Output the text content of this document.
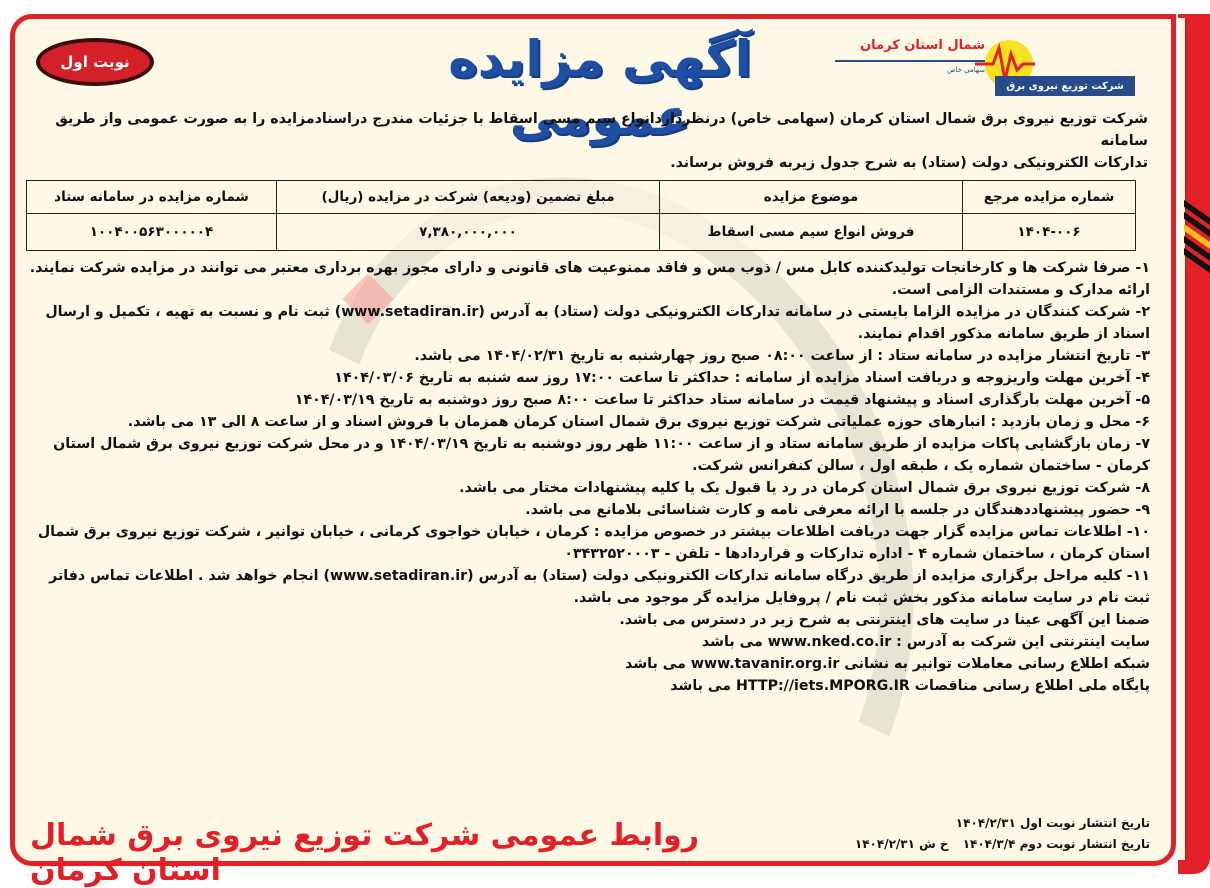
نوبت اول	آگهی مزایده عمومی
شمال استان کرمان
سهامی خاص
شرکت توزیع نیروی برق
شرکت توزیع نیروی برق شمال استان کرمان (سهامی خاص) درنظرداردانواع سیم مسی اسقاط با جزئیات مندرج دراسنادمزایده را به صورت عمومی واز طریق سامانه
تدارکات الکترونیکی دولت (ستاد) به شرح جدول زیربه فروش برساند.
شماره مزایده مرجع	موضوع مزایده	مبلغ تضمین (ودیعه) شرکت در مزایده (ریال)	شماره مزایده در سامانه ستاد
۱۴۰۴-۰۰۶	فروش انواع سیم مسی اسقاط	۷,۳۸۰,۰۰۰,۰۰۰	۱۰۰۴۰۰۵۶۳۰۰۰۰۰۴

۱- صرفا شرکت ها و کارخانجات تولیدکننده کابل مس / ذوب مس و فاقد ممنوعیت های قانونی و دارای مجوز بهره برداری معتبر می توانند در مزایده شرکت نمایند.

ارائه مدارک و مستندات الزامی است.

۲- شرکت کنندگان در مزایده الزاما بایستی در سامانه تدارکات الکترونیکی دولت (ستاد) به آدرس (www.setadiran.ir) ثبت نام و نسبت به تهیه ، تکمیل و ارسال

اسناد از طریق سامانه مذکور اقدام نمایند.

۳- تاریخ انتشار مزایده در سامانه ستاد : از ساعت ۰۸:۰۰ صبح روز چهارشنبه به تاریخ ۱۴۰۴/۰۲/۳۱ می باشد.

۴- آخرین مهلت واریزوجه و دریافت اسناد مزایده از سامانه : حداکثر تا ساعت ۱۷:۰۰ روز سه شنبه به تاریخ ۱۴۰۴/۰۳/۰۶

۵- آخرین مهلت بارگذاری اسناد و پیشنهاد قیمت در سامانه ستاد حداکثر تا ساعت ۸:۰۰ صبح روز دوشنبه به تاریخ ۱۴۰۴/۰۳/۱۹

۶- محل و زمان بازدید : انبارهای حوزه عملیاتی شرکت توزیع نیروی برق شمال استان کرمان همزمان با فروش اسناد و از ساعت ۸ الی ۱۳ می باشد.

۷- زمان بازگشایی پاکات مزایده از طریق سامانه ستاد و از ساعت ۱۱:۰۰ ظهر روز دوشنبه به تاریخ ۱۴۰۴/۰۳/۱۹ و در محل شرکت توزیع نیروی برق شمال استان

کرمان - ساختمان شماره یک ، طبقه اول ، سالن کنفرانس شرکت.

۸- شرکت توزیع نیروی برق شمال استان کرمان در رد یا قبول یک یا کلیه پیشنهادات مختار می باشد.

۹- حضور پیشنهاددهندگان در جلسه با ارائه معرفی نامه و کارت شناسائی بلامانع می باشد.

۱۰- اطلاعات تماس مزایده گزار جهت دریافت اطلاعات بیشتر در خصوص مزایده : کرمان ، خیابان خواجوی کرمانی ، خیابان توانیر ، شرکت توزیع نیروی برق شمال

استان کرمان ، ساختمان شماره ۴ - اداره تدارکات و قراردادها - تلفن - ۰۳۴۳۲۵۲۰۰۰۳

۱۱- کلیه مراحل برگزاری مزایده از طریق درگاه سامانه تدارکات الکترونیکی دولت (ستاد) به آدرس (www.setadiran.ir) انجام خواهد شد . اطلاعات تماس دفاتر

ثبت نام در سایت سامانه مذکور بخش ثبت نام / پروفایل مزایده گر موجود می باشد.

ضمنا این آگهی عینا در سایت های اینترنتی به شرح زیر در دسترس می باشد.

سایت اینترنتی این شرکت به آدرس : www.nked.co.ir می باشد

شبکه اطلاع رسانی معاملات توانیر به نشانی www.tavanir.org.ir می باشد

پایگاه ملی اطلاع رسانی مناقصات HTTP://iets.MPORG.IR می باشد

تاریخ انتشار نوبت اول ۱۴۰۴/۲/۳۱
تاریخ انتشار نوبت دوم ۱۴۰۴/۳/۴ خ ش ۱۴۰۴/۲/۳۱
روابط عمومی شرکت توزیع نیروی برق شمال استان کرمان
